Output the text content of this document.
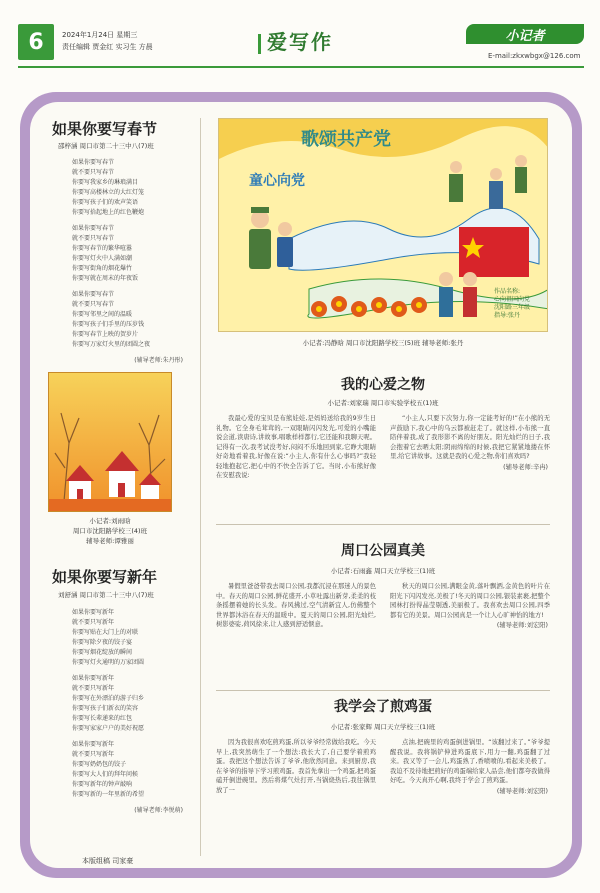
6	2024年1月24日 星期三
责任编辑 贾金红 实习生 方晨	爱写作	小记者
E-mail:zkxwbgx@126.com
如果你要写春节
邵梓涵 周口市第二十三中八(7)班
如果你要写春节
就不要只写春节
你要写我家乡的琳琅满目
你要写高楼林立的大红灯笼
你要写孩子们的欢声笑语
你要写拾起地上的红色鞭炮
如果你要写春节
就不要只写春节
你要写春节的繁华喧嚣
你要写灯火中人满如潮
你要写街角的烟花爆竹
你要写就在周末的年夜饭
如果你要写春节
就不要只写春节
你要写邻里之间的温暖
你要写孩子们手里的压岁钱
你要写春节上映的贺岁片
你要写万家灯火里的团圆之夜
(辅导老师:朱丹彤)
小记者:刘雨晗
周口市沈阳路学校三(4)班
辅导老师:谭雅丽
如果你要写新年
刘舒涵 周口市第二十三中八(7)班
如果你要写新年
就不要只写新年
你要写贴在大门上的对联
你要写除夕夜的饺子宴
你要写烟花绽放的瞬间
你要写灯火通明的万家团圆
如果你要写新年
就不要只写新年
你要写在外漂泊的游子归乡
你要写孩子们新衣的笑容
你要写长辈递来的红包
你要写家家户户的美好祝愿
如果你要写新年
就不要只写新年
你要写奶奶包的饺子
你要写大人们的拜年问候
你要写新年的钟声敲响
你要写新的一年里新的希望
(辅导老师:李悦萌)
本版组稿 司家豪
歌颂共产党
童心向党
作品名称:
心向祖国向党
沈阳路三年级
指导:张丹
小记者:冯静晗 周口市沈阳路学校三(5)班 辅导老师:张丹
我的心爱之物
小记者:刘家瑞 周口市实验学校五(1)班

我最心爱的宝贝是布熊娃娃,是妈妈送给我的9岁生日礼物。它全身毛茸茸的,一双眼睛闪闪发光,可爱的小嘴能说会道,读唐诗,讲故事,唱歌样样都行,它还能和我聊天呢。记得有一次,我考试没考好,闷闷不乐地回到家,它睁大眼睛好奇地看着我,好像在说:“小主人,你有什么心事吗?”我轻轻地抱起它,把心中的不快全告诉了它。当时,小布熊好像在安慰我说:

“小主人,只要下次努力,你一定能考好的!”在小熊的无声鼓励下,我心中的乌云都被赶走了。就这样,小布熊一直陪伴着我,成了我形影不离的好朋友。阳光灿烂的日子,我会抱着它去晒太阳;阴雨绵绵的时候,我把它紧紧地搂在怀里,给它讲故事。这就是我的心爱之物,你们喜欢吗?

(辅导老师:辛冉)
周口公园真美
小记者:石雨鑫 周口天立学校三(1)班

暑假里爸爸带我去周口公园,我都沉浸在那迷人的景色中。春天的周口公园,鲜花盛开,小草吐露出新芽,柔柔的枝条摇摆着她的长头发。春风拂过,空气清新宜人,仿佛整个世界都沐浴在春天的温暖中。夏天的周口公园,阳光灿烂,树影婆娑,荷风徐来,让人感到舒适惬意。

秋天的周口公园,满眼金黄,落叶飘洒,金黄色的叶片在阳光下闪闪发亮,美极了!冬天的周口公园,银装素裹,把整个园林打扮得晶莹剔透,美丽极了。我喜欢去周口公园,四季都有它的美景。周口公园真是一个让人心旷神怡的地方!

(辅导老师:刘宏阳)
我学会了煎鸡蛋
小记者:张家辉 周口天立学校三(1)班

因为我很喜欢吃煎鸡蛋,所以爷爷经常做给我吃。今天早上,我突然萌生了一个想法:我长大了,自己要学着煎鸡蛋。我把这个想法告诉了爷爷,他欣然同意。来到厨房,我在爷爷的指导下学习煎鸡蛋。我首先拿出一个鸡蛋,把鸡蛋磕开倒进碗里。然后将煤气灶打开,当锅烧热后,我往锅里放了一

点油,把碗里的鸡蛋倒进锅里。“该翻过来了。”爷爷提醒我说。我将锅铲伸进鸡蛋底下,用力一翻,鸡蛋翻了过来。我又等了一会儿,鸡蛋熟了,香喷喷的,看起来美极了。我迫不及待地把煎好的鸡蛋端给家人品尝,他们都夸我做得好吃。今天真开心啊,我终于学会了煎鸡蛋。

(辅导老师:刘宏阳)
